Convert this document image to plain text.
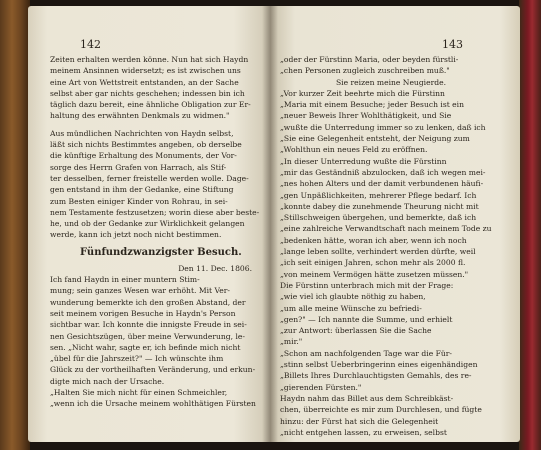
142
Zeiten erhalten werden könne. Nun hat sich Haydn
meinem Ansinnen widersetzt; es ist zwischen uns
eine Art von Wettstreit entstanden, an der Sache
selbst aber gar nichts geschehen; indessen bin ich
täglich dazu bereit, eine ähnliche Obligation zur Er-
haltung des erwähnten Denkmals zu widmen."
Aus mündlichen Nachrichten von Haydn selbst,
läßt sich nichts Bestimmtes angeben, ob derselbe
die künftige Erhaltung des Monuments, der Vor-
sorge des Herrn Grafen von Harrach, als Stif-
ter desselben, ferner freistelle werden wolle. Dage-
gen entstand in ihm der Gedanke, eine Stiftung
zum Besten einiger Kinder von Rohrau, in sei-
nem Testamente festzusetzen; worin diese aber beste-
he, und ob der Gedanke zur Wirklichkeit gelangen
werde, kann ich jetzt noch nicht bestimmen.
Fünfundzwanzigster Besuch.
Den 11. Dec. 1806.
Ich fand Haydn in einer muntern Stim-
mung; sein ganzes Wesen war erhöht. Mit Ver-
wunderung bemerkte ich den großen Abstand, der
seit meinem vorigen Besuche in Haydn's Person
sichtbar war. Ich konnte die innigste Freude in sei-
nen Gesichtszügen, über meine Verwunderung, le-
sen. „Nicht wahr, sagte er, ich befinde mich nicht
„übel für die Jahrszeit?" — Ich wünschte ihm
Glück zu der vortheilhaften Veränderung, und erkun-
digte mich nach der Ursache.
„Halten Sie mich nicht für einen Schmeichler,
„wenn ich die Ursache meinem wohlthätigen Fürsten
143
„oder der Fürstinn Maria, oder beyden fürstli-
„chen Personen zugleich zuschreiben muß."
Sie reizen meine Neugierde.
„Vor kurzer Zeit beehrte mich die Fürstinn
„Maria mit einem Besuche; jeder Besuch ist ein
„neuer Beweis Ihrer Wohlthätigkeit, und Sie
„wußte die Unterredung immer so zu lenken, daß ich
„Sie eine Gelegenheit entsteht, der Neigung zum
„Wohlthun ein neues Feld zu eröffnen.
„In dieser Unterredung wußte die Fürstinn
„mir das Geständniß abzulocken, daß ich wegen mei-
„nes hohen Alters und der damit verbundenen häufi-
„gen Unpäßlichkeiten, mehrerer Pflege bedarf. Ich
„konnte dabey die zunehmende Theurung nicht mit
„Stillschweigen übergehen, und bemerkte, daß ich
„eine zahlreiche Verwandtschaft nach meinem Tode zu
„bedenken hätte, woran ich aber, wenn ich noch
„lange leben sollte, verhindert werden dürfte, weil
„ich seit einigen Jahren, schon mehr als 2000 fl.
„von meinem Vermögen hätte zusetzen müssen."
Die Fürstinn unterbrach mich mit der Frage:
„wie viel ich glaubte nöthig zu haben,
„um alle meine Wünsche zu befriedi-
„gen?" — Ich nannte die Summe, und erhielt
„zur Antwort: überlassen Sie die Sache
„mir."
„Schon am nachfolgenden Tage war die Für-
„stinn selbst Ueberbringerinn eines eigenhändigen
„Billets Ihres Durchlauchtigsten Gemahls, des re-
„gierenden Fürsten."
Haydn nahm das Billet aus dem Schreibkäst-
chen, überreichte es mir zum Durchlesen, und fügte
hinzu: der Fürst hat sich die Gelegenheit
„nicht entgehen lassen, zu erweisen, selbst
